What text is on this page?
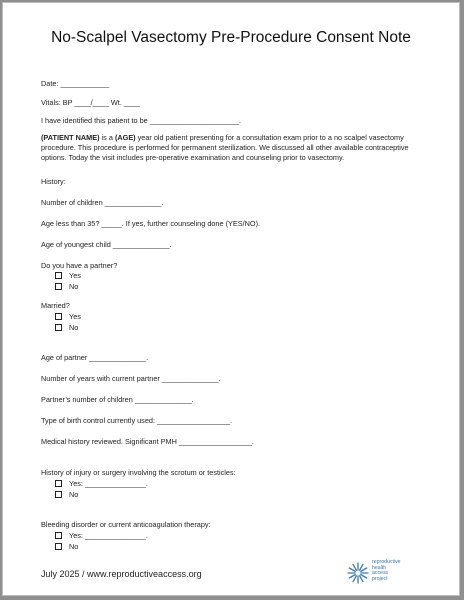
No-Scalpel Vasectomy Pre-Procedure Consent Note
Date: ____________
Vitals: BP ____/____ Wt. ____
I have identified this patient to be ______________________.
(PATIENT NAME) is a (AGE) year old patient presenting for a consultation exam prior to a no scalpel vasectomy procedure. This procedure is performed for permanent sterilization. We discussed all other available contraceptive options. Today the visit includes pre-operative examination and counseling prior to vasectomy.
History:
Number of children ______________.
Age less than 35? _____. If yes, further counseling done (YES/NO).
Age of youngest child ______________.
Do you have a partner?
Yes
No
Married?
Yes
No
Age of partner ______________.
Number of years with current partner ______________.
Partner’s number of children ______________.
Type of birth control currently used: __________________.
Medical history reviewed. Significant PMH __________________.
History of injury or surgery involving the scrotum or testicles:
Yes: _______________.
No
Bleeding disorder or current anticoagulation therapy:
Yes: _______________.
No
July 2025 / www.reproductiveaccess.org
reproductive
health
access
project
